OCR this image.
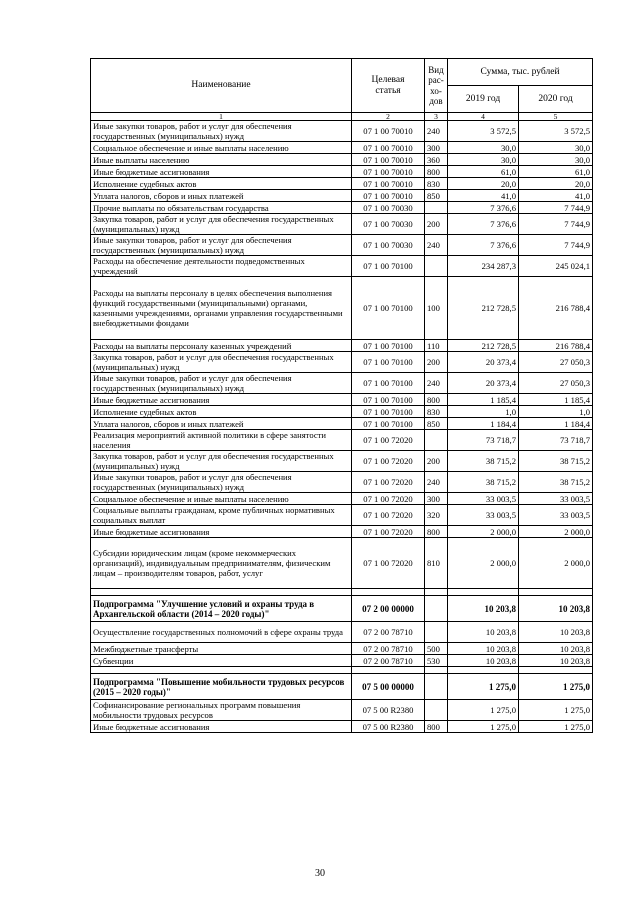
Наименование	Целевая статья	Вид
рас-
хо-
дов	Сумма, тыс. рублей	
			2019 год	2020 год
1	2	3	4	5
Иные закупки товаров, работ и услуг для обеспечения государственных (муниципальных) нужд	07 1 00 70010	240	3 572,5	3 572,5
Социальное обеспечение и иные выплаты населению	07 1 00 70010	300	30,0	30,0
Иные выплаты населению	07 1 00 70010	360	30,0	30,0
Иные бюджетные ассигнования	07 1 00 70010	800	61,0	61,0
Исполнение судебных актов	07 1 00 70010	830	20,0	20,0
Уплата налогов, сборов и иных платежей	07 1 00 70010	850	41,0	41,0
Прочие выплаты по обязательствам государства	07 1 00 70030		7 376,6	7 744,9
Закупка товаров, работ и услуг для обеспечения государственных (муниципальных) нужд	07 1 00 70030	200	7 376,6	7 744,9
Иные закупки товаров, работ и услуг для обеспечения государственных (муниципальных) нужд	07 1 00 70030	240	7 376,6	7 744,9
Расходы на обеспечение деятельности подведомственных учреждений	07 1 00 70100		234 287,3	245 024,1
Расходы на выплаты персоналу в целях обеспечения выполнения функций государственными (муниципальными) органами, казенными учреждениями, органами управления государственными внебюджетными фондами	07 1 00 70100	100	212 728,5	216 788,4
Расходы на выплаты персоналу казенных учреждений	07 1 00 70100	110	212 728,5	216 788,4
Закупка товаров, работ и услуг для обеспечения государственных (муниципальных) нужд	07 1 00 70100	200	20 373,4	27 050,3
Иные закупки товаров, работ и услуг для обеспечения государственных (муниципальных) нужд	07 1 00 70100	240	20 373,4	27 050,3
Иные бюджетные ассигнования	07 1 00 70100	800	1 185,4	1 185,4
Исполнение судебных актов	07 1 00 70100	830	1,0	1,0
Уплата налогов, сборов и иных платежей	07 1 00 70100	850	1 184,4	1 184,4
Реализация мероприятий активной политики в сфере занятости населения	07 1 00 72020		73 718,7	73 718,7
Закупка товаров, работ и услуг для обеспечения государственных (муниципальных) нужд	07 1 00 72020	200	38 715,2	38 715,2
Иные закупки товаров, работ и услуг для обеспечения государственных (муниципальных) нужд	07 1 00 72020	240	38 715,2	38 715,2
Социальное обеспечение и иные выплаты населению	07 1 00 72020	300	33 003,5	33 003,5
Социальные выплаты гражданам, кроме публичных нормативных социальных выплат	07 1 00 72020	320	33 003,5	33 003,5
Иные бюджетные ассигнования	07 1 00 72020	800	2 000,0	2 000,0
Субсидии юридическим лицам (кроме некоммерческих организаций), индивидуальным предпринимателям, физическим лицам – производителям товаров, работ, услуг	07 1 00 72020	810	2 000,0	2 000,0

Подпрограмма "Улучшение условий и охраны труда в Архангельской области (2014 – 2020 годы)"	07 2 00 00000		10 203,8	10 203,8
Осуществление государственных полномочий в сфере охраны труда	07 2 00 78710		10 203,8	10 203,8
Межбюджетные трансферты	07 2 00 78710	500	10 203,8	10 203,8
Субвенции	07 2 00 78710	530	10 203,8	10 203,8

Подпрограмма "Повышение мобильности трудовых ресурсов (2015 – 2020 годы)"	07 5 00 00000		1 275,0	1 275,0
Софинансирование региональных программ повышения мобильности трудовых ресурсов	07 5 00 R2380		1 275,0	1 275,0
Иные бюджетные ассигнования	07 5 00 R2380	800	1 275,0	1 275,0
30
